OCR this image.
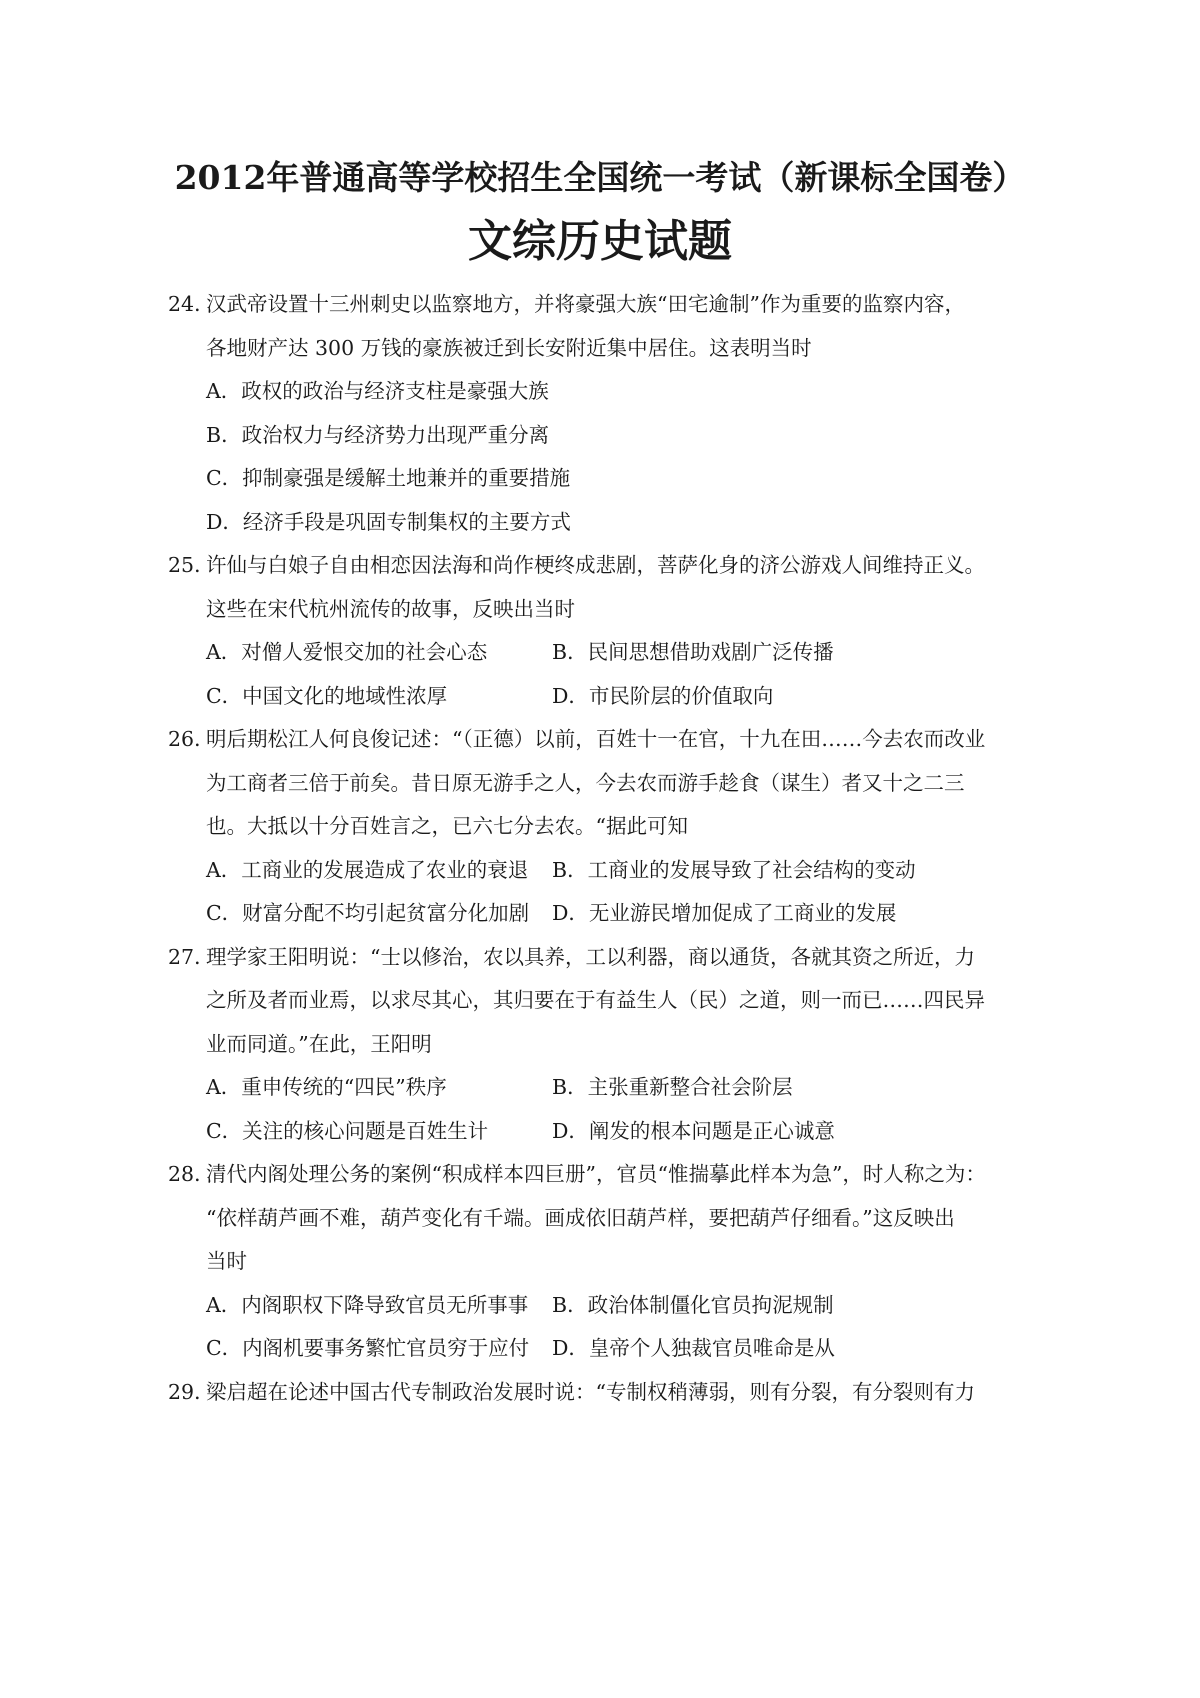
2012年普通高等学校招生全国统一考试（新课标全国卷）
文综历史试题
24．
汉武帝设置十三州刺史以监察地方，并将豪强大族“田宅逾制”作为重要的监察内容，
各地财产达 300 万钱的豪族被迁到长安附近集中居住。这表明当时
A．政权的政治与经济支柱是豪强大族
B．政治权力与经济势力出现严重分离
C．抑制豪强是缓解土地兼并的重要措施
D．经济手段是巩固专制集权的主要方式
25．
许仙与白娘子自由相恋因法海和尚作梗终成悲剧，菩萨化身的济公游戏人间维持正义。
这些在宋代杭州流传的故事，反映出当时
A．对僧人爱恨交加的社会心态	B．民间思想借助戏剧广泛传播
C．中国文化的地域性浓厚	D．市民阶层的价值取向
26．
明后期松江人何良俊记述：“（正德）以前，百姓十一在官，十九在田……今去农而改业
为工商者三倍于前矣。昔日原无游手之人，今去农而游手趁食（谋生）者又十之二三
也。大抵以十分百姓言之，已六七分去农。“据此可知
A．工商业的发展造成了农业的衰退 B．工商业的发展导致了社会结构的变动
C．财富分配不均引起贫富分化加剧 D．无业游民增加促成了工商业的发展
27．
理学家王阳明说：“士以修治，农以具养，工以利器，商以通货，各就其资之所近，力
之所及者而业焉，以求尽其心，其归要在于有益生人（民）之道，则一而已……四民异
业而同道。”在此，王阳明
A．重申传统的“四民”秩序	B．主张重新整合社会阶层
C．关注的核心问题是百姓生计	D．阐发的根本问题是正心诚意
28．
清代内阁处理公务的案例“积成样本四巨册”，官员“惟揣摹此样本为急”，时人称之为：
“依样葫芦画不难，葫芦变化有千端。画成依旧葫芦样，要把葫芦仔细看。”这反映出
当时
A．内阁职权下降导致官员无所事事 B．政治体制僵化官员拘泥规制
C．内阁机要事务繁忙官员穷于应付 D．皇帝个人独裁官员唯命是从
29．
梁启超在论述中国古代专制政治发展时说：“专制权稍薄弱，则有分裂，有分裂则有力
